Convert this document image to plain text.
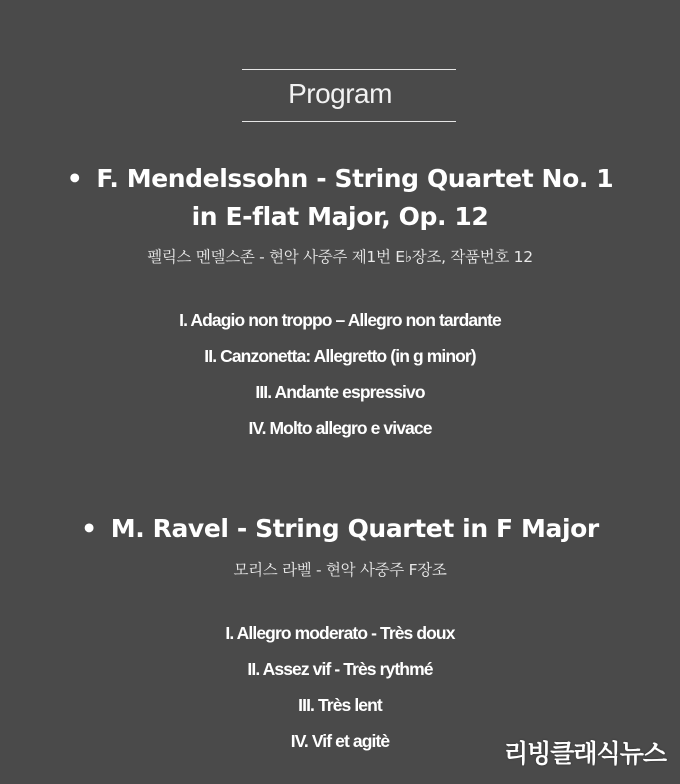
Program
• F. Mendelssohn - String Quartet No. 1
in E-flat Major, Op. 12
펠릭스 멘델스존 - 현악 사중주 제1번 E♭장조, 작품번호 12
I. Adagio non troppo – Allegro non tardante
II. Canzonetta: Allegretto (in g minor)
III. Andante espressivo
IV. Molto allegro e vivace
• M. Ravel - String Quartet in F Major
모리스 라벨 - 현악 사중주 F장조
I. Allegro moderato - Très doux
II. Assez vif - Très rythmé
III. Très lent
IV. Vif et agitè	리빙클래식뉴스
